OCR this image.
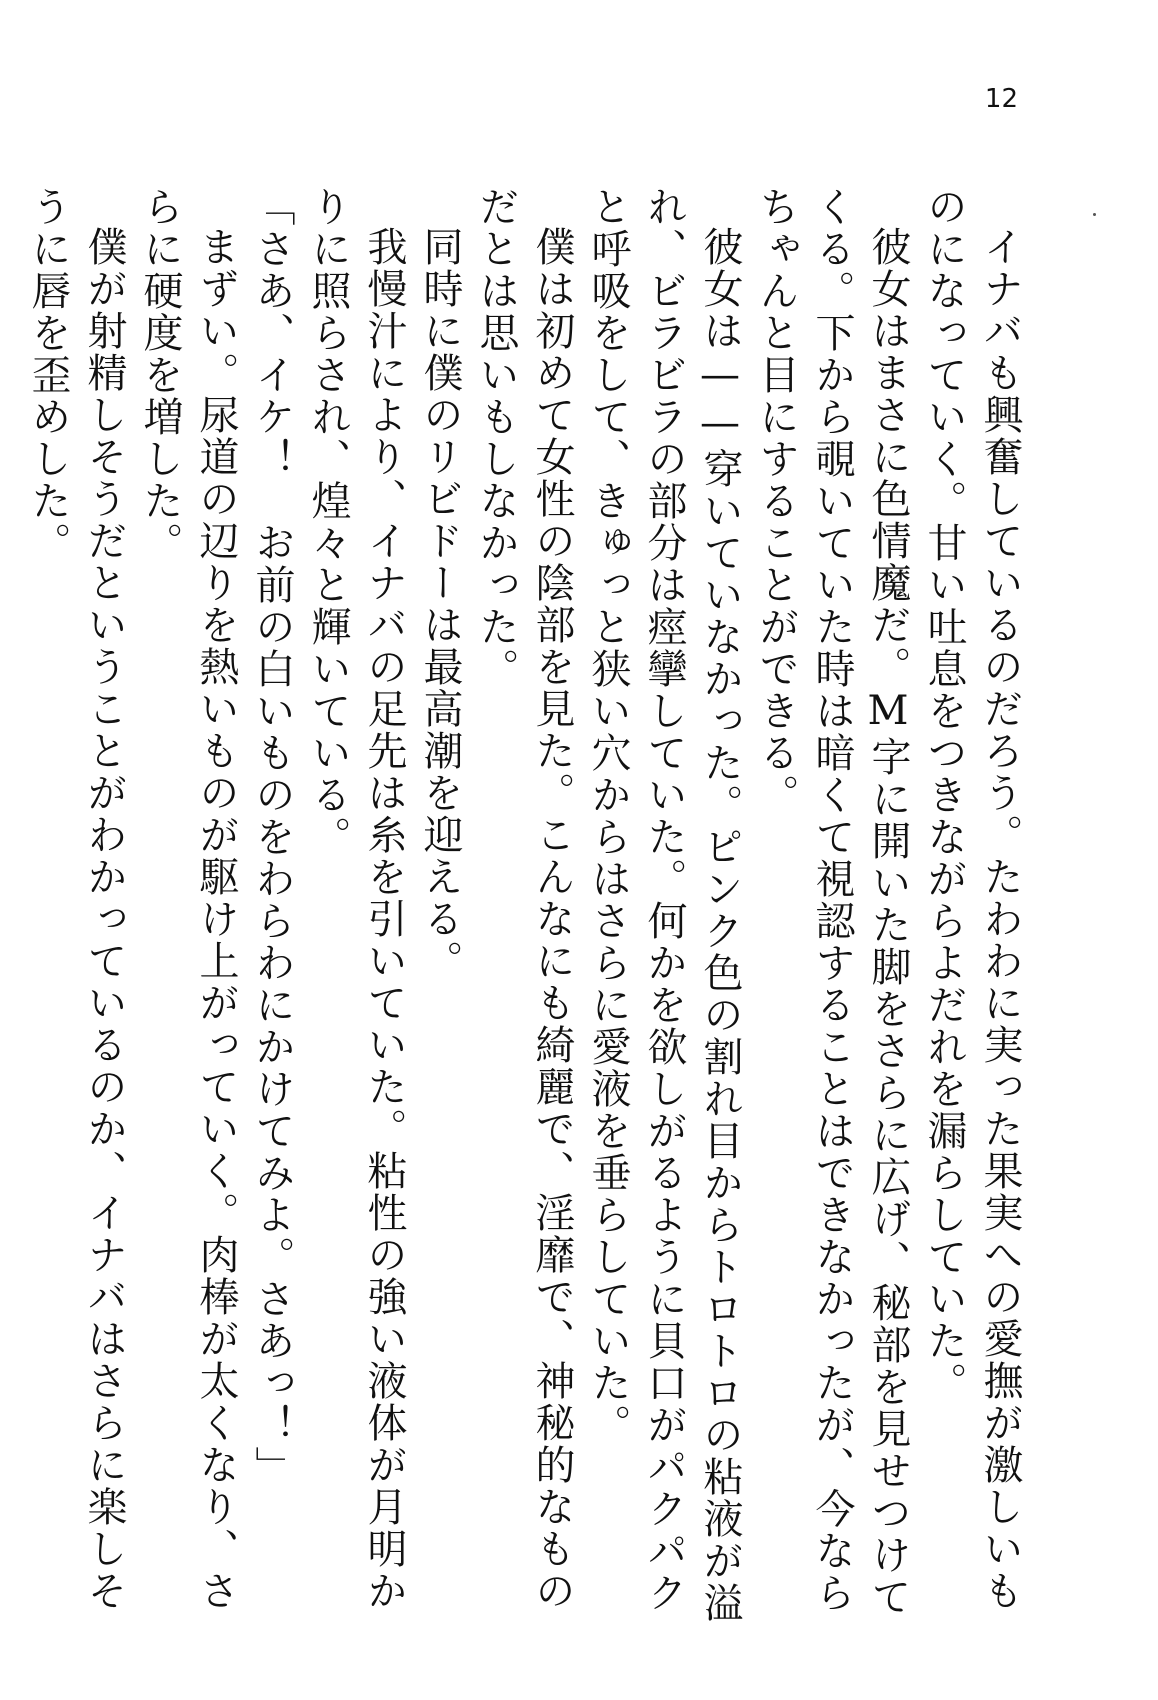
12

イナバも興奮しているのだろう。たわわに実った果実への愛撫が激しいものになっていく。甘い吐息をつきながらよだれを漏らしていた。

彼女はまさに色情魔だ。M字に開いた脚をさらに広げ、秘部を見せつけてくる。下から覗いていた時は暗くて視認することはできなかったが、今ならちゃんと目にすることができる。

彼女は——穿いていなかった。ピンク色の割れ目からトロトロの粘液が溢れ、ビラビラの部分は痙攣していた。何かを欲しがるように貝口がパクパクと呼吸をして、きゅっと狭い穴からはさらに愛液を垂らしていた。

僕は初めて女性の陰部を見た。こんなにも綺麗で、淫靡で、神秘的なものだとは思いもしなかった。

同時に僕のリビドーは最高潮を迎える。

我慢汁により、イナバの足先は糸を引いていた。粘性の強い液体が月明かりに照らされ、煌々と輝いている。

「さあ、イケ！　お前の白いものをわらわにかけてみよ。さあっ！」

まずい。尿道の辺りを熱いものが駆け上がっていく。肉棒が太くなり、さらに硬度を増した。

僕が射精しそうだということがわかっているのか、イナバはさらに楽しそうに唇を歪めした。
